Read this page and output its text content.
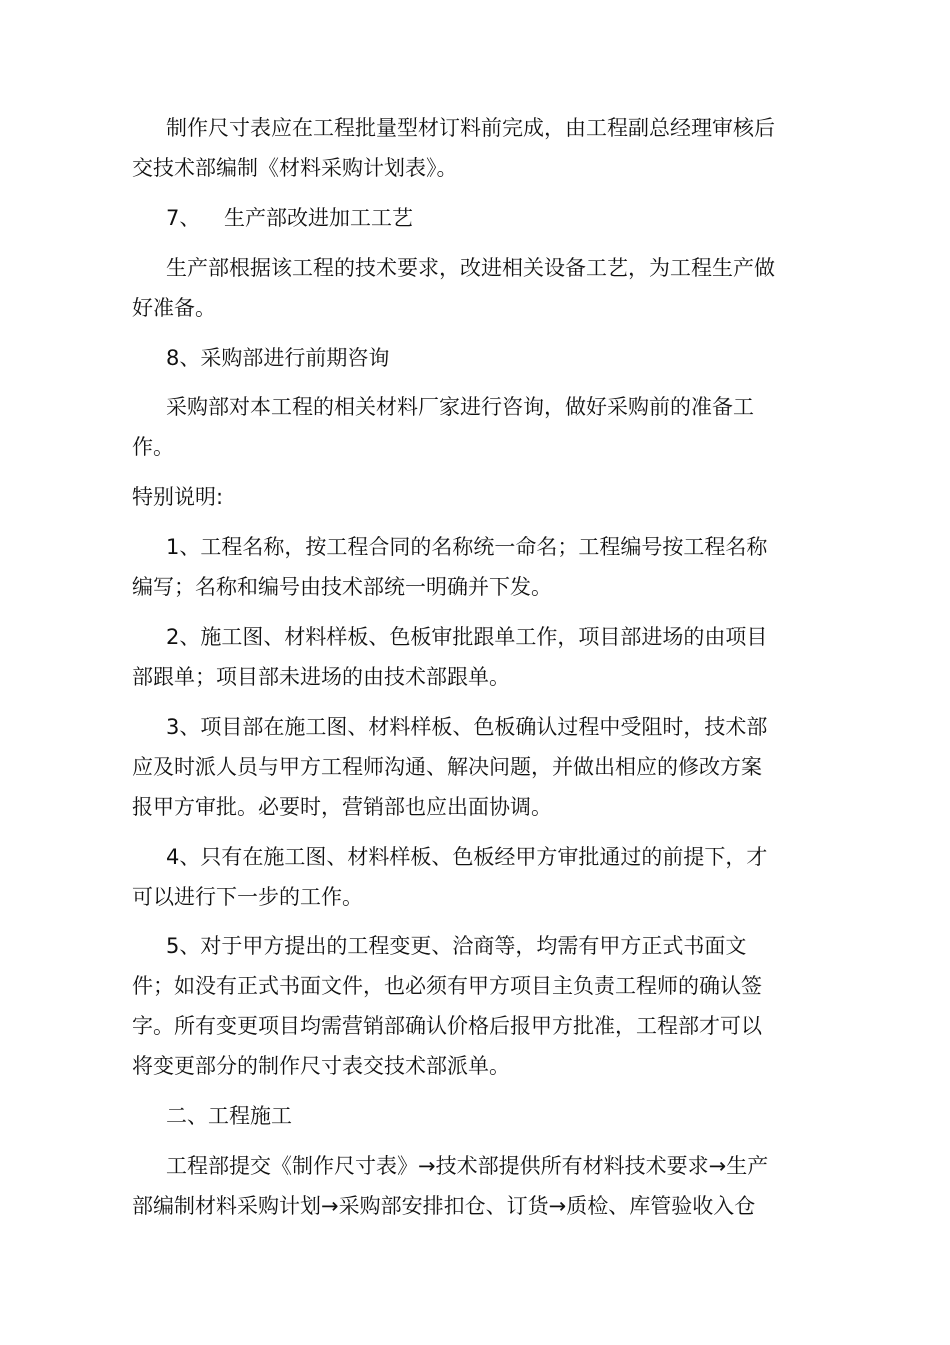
制作尺寸表应在工程批量型材订料前完成，由工程副总经理审核后
交技术部编制《材料采购计划表》。

7、 生产部改进加工工艺

生产部根据该工程的技术要求，改进相关设备工艺，为工程生产做
好准备。

8、采购部进行前期咨询

采购部对本工程的相关材料厂家进行咨询，做好采购前的准备工
作。

特别说明:

1、工程名称，按工程合同的名称统一命名；工程编号按工程名称
编写；名称和编号由技术部统一明确并下发。

2、施工图、材料样板、色板审批跟单工作，项目部进场的由项目
部跟单；项目部未进场的由技术部跟单。

3、项目部在施工图、材料样板、色板确认过程中受阻时，技术部
应及时派人员与甲方工程师沟通、解决问题，并做出相应的修改方案
报甲方审批。必要时，营销部也应出面协调。

4、只有在施工图、材料样板、色板经甲方审批通过的前提下，才
可以进行下一步的工作。

5、对于甲方提出的工程变更、洽商等，均需有甲方正式书面文
件；如没有正式书面文件，也必须有甲方项目主负责工程师的确认签
字。所有变更项目均需营销部确认价格后报甲方批准，工程部才可以
将变更部分的制作尺寸表交技术部派单。

二、工程施工

工程部提交《制作尺寸表》→技术部提供所有材料技术要求→生产
部编制材料采购计划→采购部安排扣仓、订货→质检、库管验收入仓
